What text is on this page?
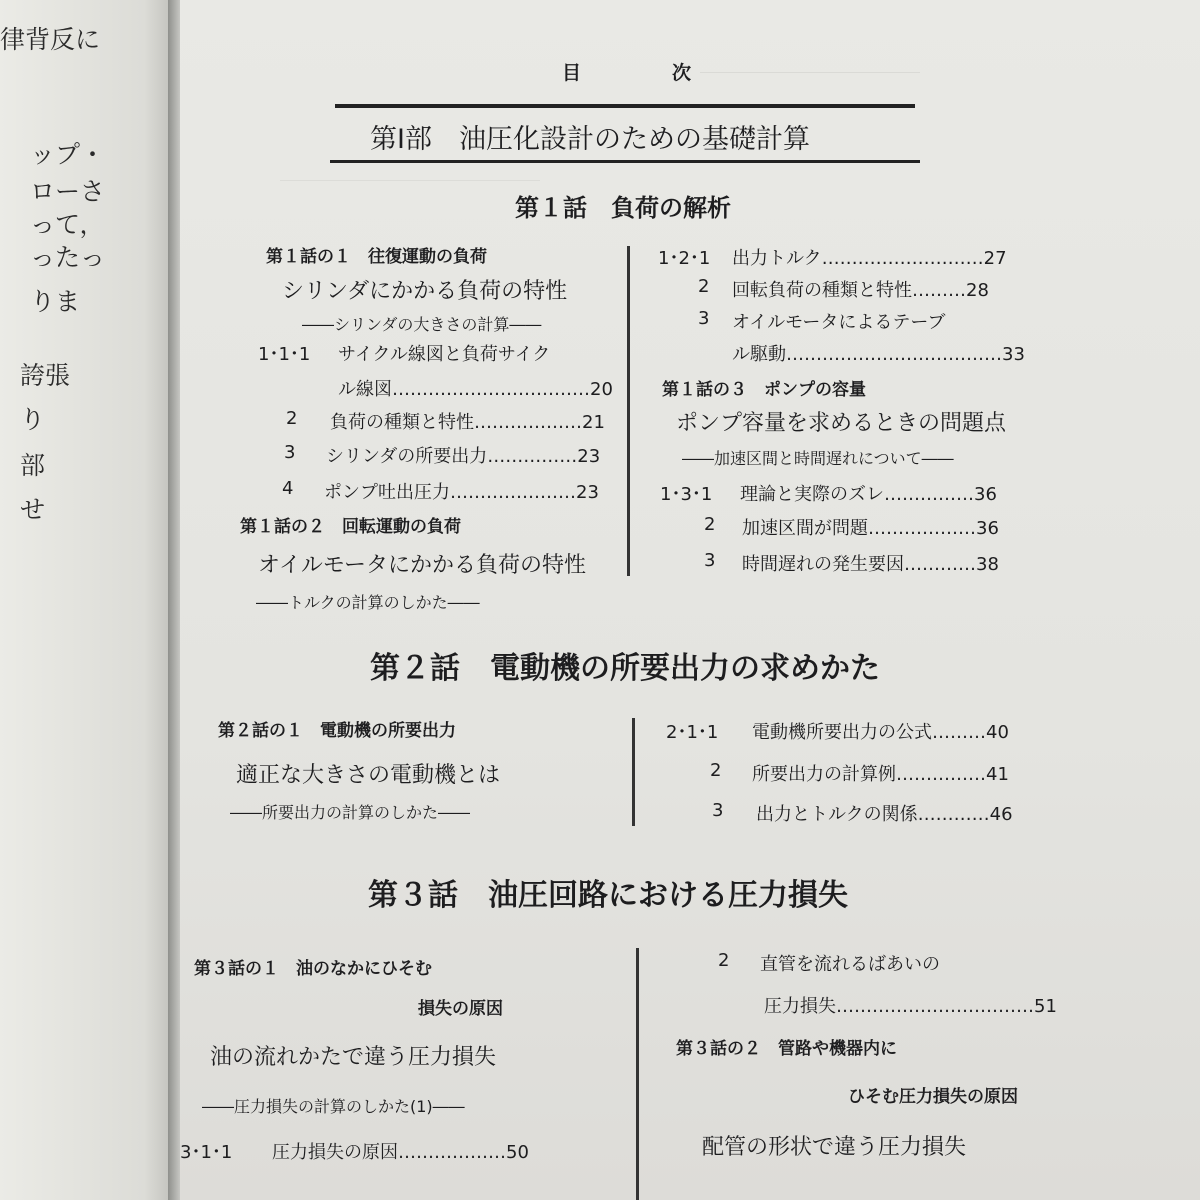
律背反に
ップ・
ローさ
って，
ったっ
りま
誇張
り
部
せ
目	次
第Ⅰ部　油圧化設計のための基礎計算
第１話　負荷の解析
第１話の１　往復運動の負荷
シリンダにかかる負荷の特性
――シリンダの大きさの計算――
1･1･1 サイクル線図と負荷サイク
ル線図……………………………20
2 負荷の種類と特性………………21
3 シリンダの所要出力……………23
4 ポンプ吐出圧力…………………23
第１話の２　回転運動の負荷
オイルモータにかかる負荷の特性
――トルクの計算のしかた――
1･2･1 出力トルク………………………27
2 回転負荷の種類と特性………28
3 オイルモータによるテーブ
ル駆動………………………………33
第１話の３　ポンプの容量
ポンプ容量を求めるときの問題点
――加速区間と時間遅れについて――
1･3･1 理論と実際のズレ……………36
2 加速区間が問題………………36
3 時間遅れの発生要因…………38
第２話　電動機の所要出力の求めかた
第２話の１　電動機の所要出力
適正な大きさの電動機とは
――所要出力の計算のしかた――
2･1･1 電動機所要出力の公式………40
2 所要出力の計算例……………41
3 出力とトルクの関係…………46
第３話　油圧回路における圧力損失
第３話の１　油のなかにひそむ
損失の原因
油の流れかたで違う圧力損失
――圧力損失の計算のしかた(1)――
3･1･1 圧力損失の原因………………50
2 直管を流れるばあいの
圧力損失……………………………51
第３話の２　管路や機器内に
ひそむ圧力損失の原因
配管の形状で違う圧力損失
